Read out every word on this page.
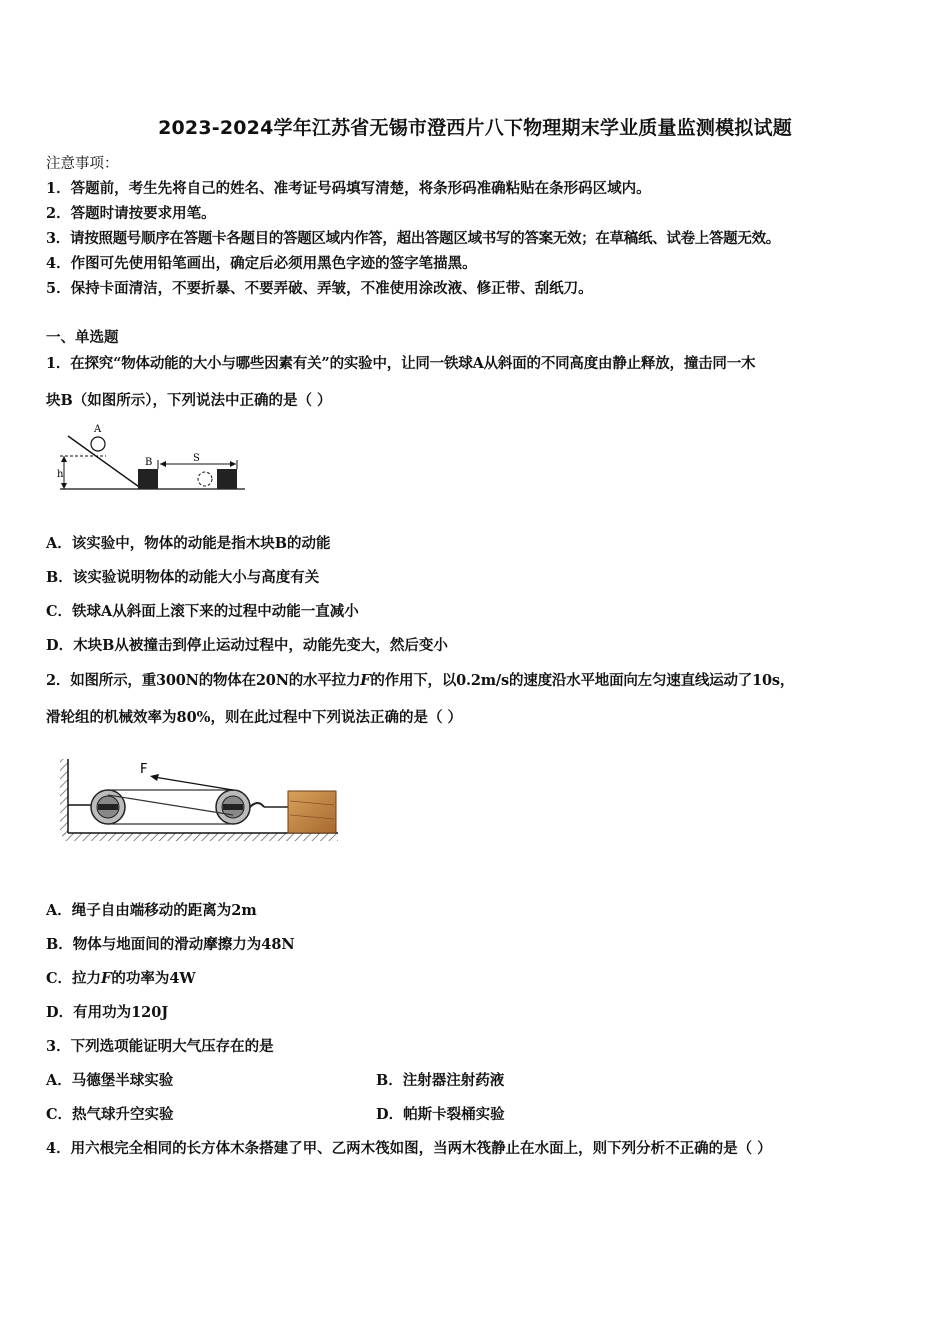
2023-2024学年江苏省无锡市澄西片八下物理期末学业质量监测模拟试题
注意事项：
1．答题前，考生先将自己的姓名、准考证号码填写清楚，将条形码准确粘贴在条形码区域内。
2．答题时请按要求用笔。
3．请按照题号顺序在答题卡各题目的答题区域内作答，超出答题区域书写的答案无效；在草稿纸、试卷上答题无效。
4．作图可先使用铅笔画出，确定后必须用黑色字迹的签字笔描黑。
5．保持卡面清洁，不要折暴、不要弄破、弄皱，不准使用涂改液、修正带、刮纸刀。
一、单选题
1．在探究“物体动能的大小与哪些因素有关”的实验中，让同一铁球A从斜面的不同高度由静止释放，撞击同一木
块B（如图所示），下列说法中正确的是（ ）
h
A
B	S
A．该实验中，物体的动能是指木块B的动能
B．该实验说明物体的动能大小与高度有关
C．铁球A从斜面上滚下来的过程中动能一直减小
D．木块B从被撞击到停止运动过程中，动能先变大，然后变小
2．如图所示，重300N的物体在20N的水平拉力F的作用下，以0.2m/s的速度沿水平地面向左匀速直线运动了10s，
滑轮组的机械效率为80%，则在此过程中下列说法正确的是（ ）
F
A．绳子自由端移动的距离为2m
B．物体与地面间的滑动摩擦力为48N
C．拉力F的功率为4W
D．有用功为120J
3．下列选项能证明大气压存在的是
A．马德堡半球实验	B．注射器注射药液
C．热气球升空实验	D．帕斯卡裂桶实验
4．用六根完全相同的长方体木条搭建了甲、乙两木筏如图，当两木筏静止在水面上，则下列分析不正确的是（ ）
